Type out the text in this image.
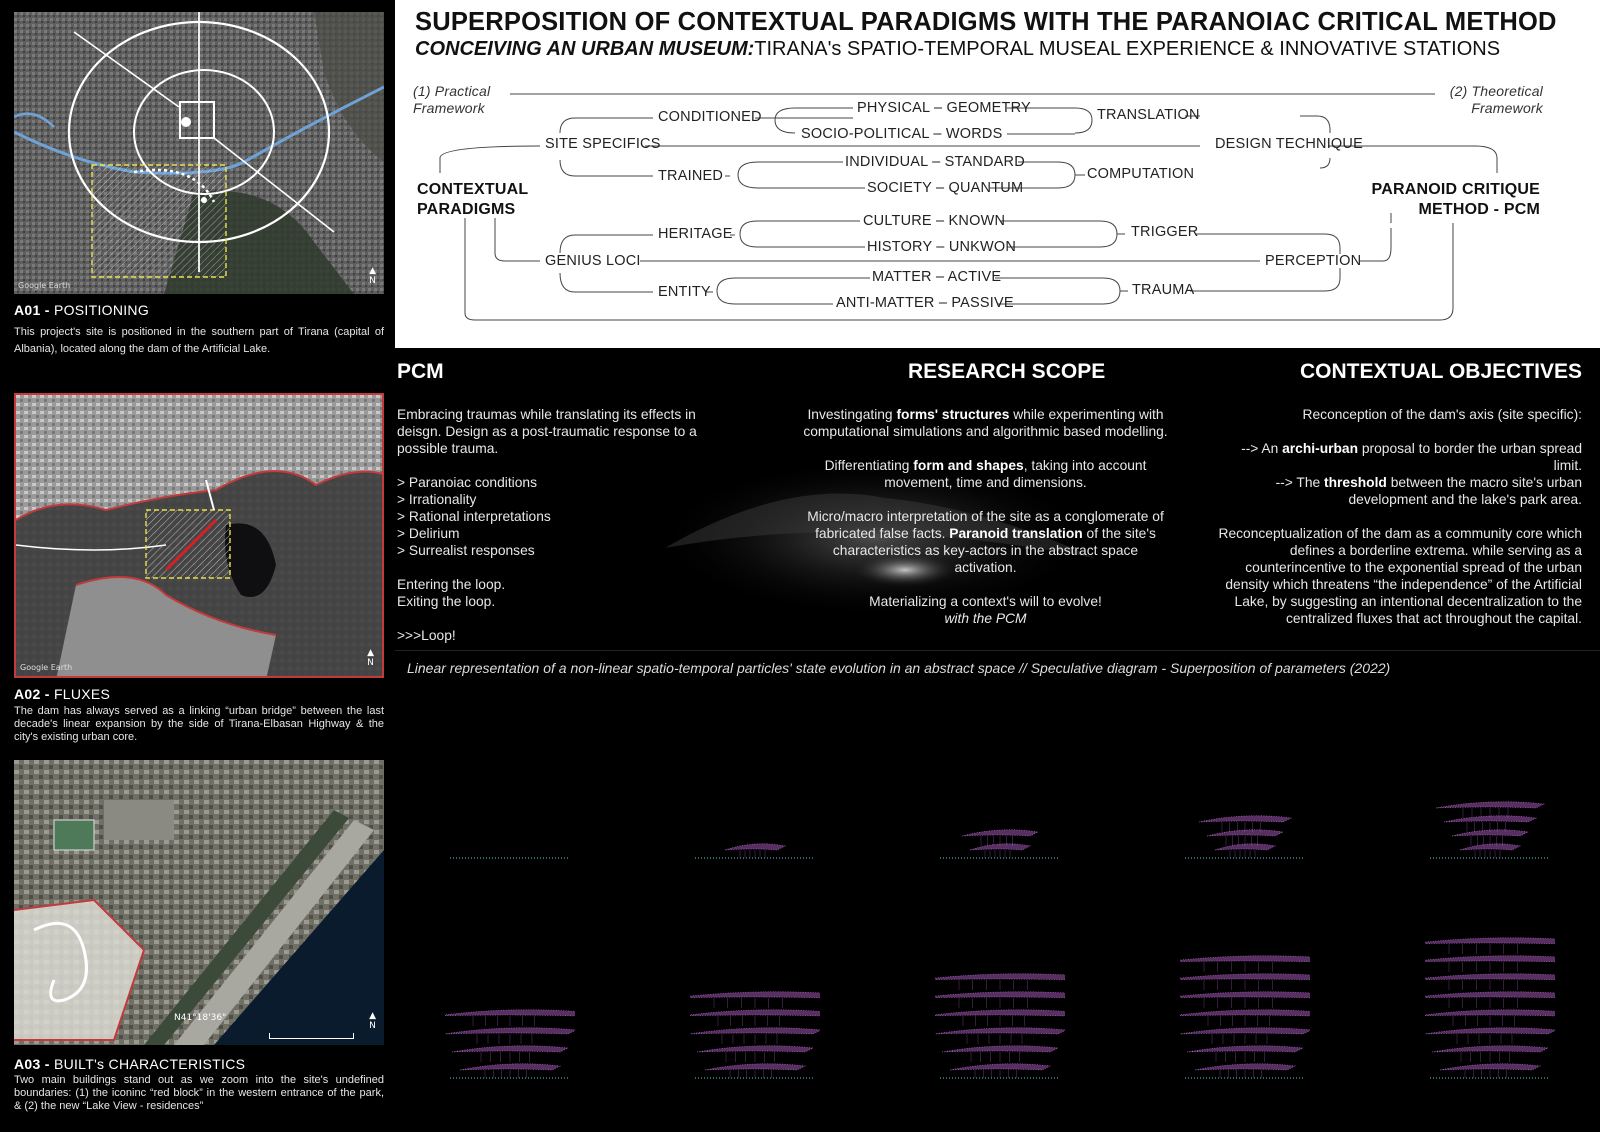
Google Earth
▲
N
A01 - POSITIONING
This project's site is positioned in the southern part of Tirana (capital of Albania), located along the dam of the Artificial Lake.
Google Earth
▲
N
A02 - FLUXES
The dam has always served as a linking “urban bridge” between the last decade's linear expansion by the side of Tirana-Elbasan Highway & the city's existing urban core.
N41°18'36"	▲
N
A03 - BUILT's CHARACTERISTICS
Two main buildings stand out as we zoom into the site's undefined boundaries: (1) the iconinc “red block” in the western entrance of the park, & (2) the new “Lake View - residences”
SUPERPOSITION OF CONTEXTUAL PARADIGMS WITH THE PARANOIAC CRITICAL METHOD
CONCEIVING AN URBAN MUSEUM:TIRANA's SPATIO-TEMPORAL MUSEAL EXPERIENCE & INNOVATIVE STATIONS
(1) Practical
Framework
(2) Theoretical
Framework
CONTEXTUAL
PARADIGMS
PARANOID CRITIQUE
METHOD - PCM
SITE SPECIFICS
GENIUS LOCI
CONDITIONED
TRAINED
HERITAGE
ENTITY
PHYSICAL – GEOMETRY
SOCIO-POLITICAL – WORDS
INDIVIDUAL – STANDARD
SOCIETY – QUANTUM
CULTURE – KNOWN
HISTORY – UNKWON
MATTER – ACTIVE
ANTI-MATTER – PASSIVE
TRANSLATION
COMPUTATION
TRIGGER
TRAUMA
DESIGN TECHNIQUE
PERCEPTION
PCM	RESEARCH SCOPE	CONTEXTUAL OBJECTIVES

Embracing traumas while translating its effects in deisgn. Design as a post-traumatic response to a possible trauma.

> Paranoiac conditions
> Irrationality
> Rational interpretations
> Delirium
> Surrealist responses

Entering the loop.
Exiting the loop.

>>>Loop!

Investingating forms' structures while experimenting with computational simulations and algorithmic based modelling.

Differentiating form and shapes, taking into account movement, time and dimensions.

Micro/macro interpretation of the site as a conglomerate of fabricated false facts. Paranoid translation of the site's characteristics as key-actors in the abstract space activation.

Materializing a context's will to evolve!
with the PCM

Reconception of the dam's axis (site specific):

--> An archi-urban proposal to border the urban spread limit.

--> The threshold between the macro site's urban development and the lake's park area.

Reconceptualization of the dam as a community core which defines a borderline extrema. while serving as a counterincentive to the exponential spread of the urban density which threatens “the independence” of the Artificial Lake, by suggesting an intentional decentralization to the centralized fluxes that act throughout the capital.

Linear representation of a non-linear spatio-temporal particles' state evolution in an abstract space // Speculative diagram - Superposition of parameters (2022)
